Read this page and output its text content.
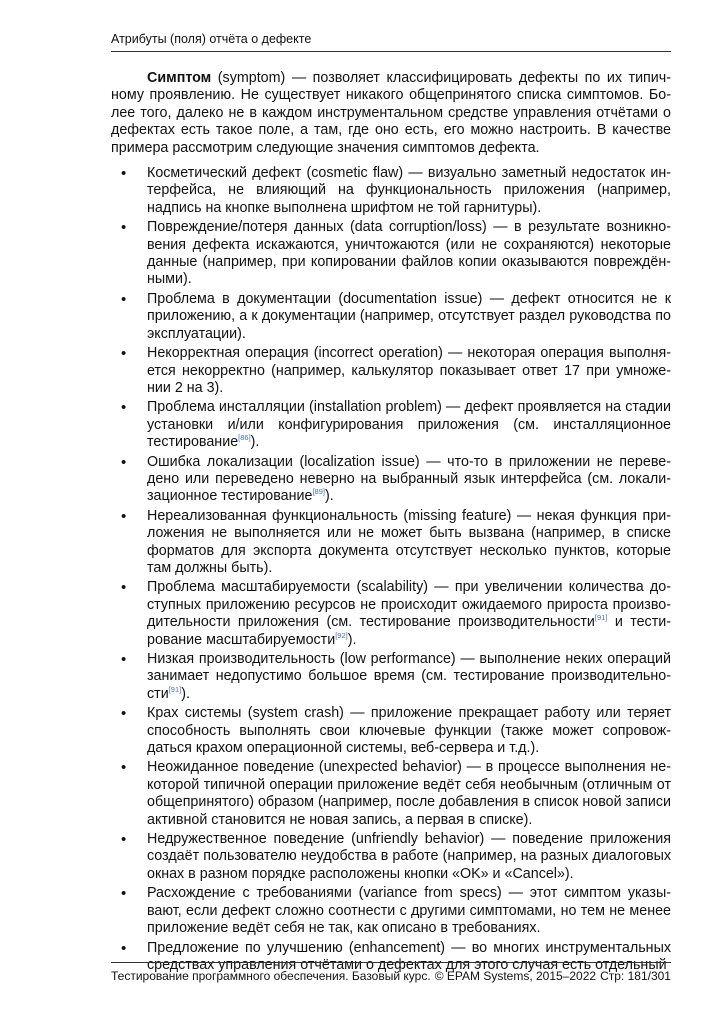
Атрибуты (поля) отчёта о дефекте

Симптом (symptom) — позволяет классифицировать дефекты по их типичному проявлению. Не существует никакого общепринятого списка симптомов. Более того, далеко не в каждом инструментальном средстве управления отчётами о дефектах есть такое поле, а там, где оно есть, его можно настроить. В качестве примера рассмотрим следующие значения симптомов дефекта.

• Косметический дефект (cosmetic flaw) — визуально заметный недостаток интерфейса, не влияющий на функциональность приложения (например, надпись на кнопке выполнена шрифтом не той гарнитуры).
• Повреждение/потеря данных (data corruption/loss) — в результате возникновения дефекта искажаются, уничтожаются (или не сохраняются) некоторые данные (например, при копировании файлов копии оказываются повреждёнными).
• Проблема в документации (documentation issue) — дефект относится не к приложению, а к документации (например, отсутствует раздел руководства по эксплуатации).
• Некорректная операция (incorrect operation) — некоторая операция выполняется некорректно (например, калькулятор показывает ответ 17 при умножении 2 на 3).
• Проблема инсталляции (installation problem) — дефект проявляется на стадии установки и/или конфигурирования приложения (см. инсталляционное тестирование[86]).
• Ошибка локализации (localization issue) — что-то в приложении не переведено или переведено неверно на выбранный язык интерфейса (см. локализационное тестирование[89]).
• Нереализованная функциональность (missing feature) — некая функция приложения не выполняется или не может быть вызвана (например, в списке форматов для экспорта документа отсутствует несколько пунктов, которые там должны быть).
• Проблема масштабируемости (scalability) — при увеличении количества доступных приложению ресурсов не происходит ожидаемого прироста производительности приложения (см. тестирование производительности[91] и тестирование масштабируемости[92]).
• Низкая производительность (low performance) — выполнение неких операций занимает недопустимо большое время (см. тестирование производительности[91]).
• Крах системы (system crash) — приложение прекращает работу или теряет способность выполнять свои ключевые функции (также может сопровождаться крахом операционной системы, веб-сервера и т.д.).
• Неожиданное поведение (unexpected behavior) — в процессе выполнения некоторой типичной операции приложение ведёт себя необычным (отличным от общепринятого) образом (например, после добавления в список новой записи активной становится не новая запись, а первая в списке).
• Недружественное поведение (unfriendly behavior) — поведение приложения создаёт пользователю неудобства в работе (например, на разных диалоговых окнах в разном порядке расположены кнопки «OK» и «Cancel»).
• Расхождение с требованиями (variance from specs) — этот симптом указывают, если дефект сложно соотнести с другими симптомами, но тем не менее приложение ведёт себя не так, как описано в требованиях.
• Предложение по улучшению (enhancement) — во многих инструментальных средствах управления отчётами о дефектах для этого случая есть отдельный
Тестирование программного обеспечения. Базовый курс. © EPAM Systems, 2015–2022 Стр: 181/301
